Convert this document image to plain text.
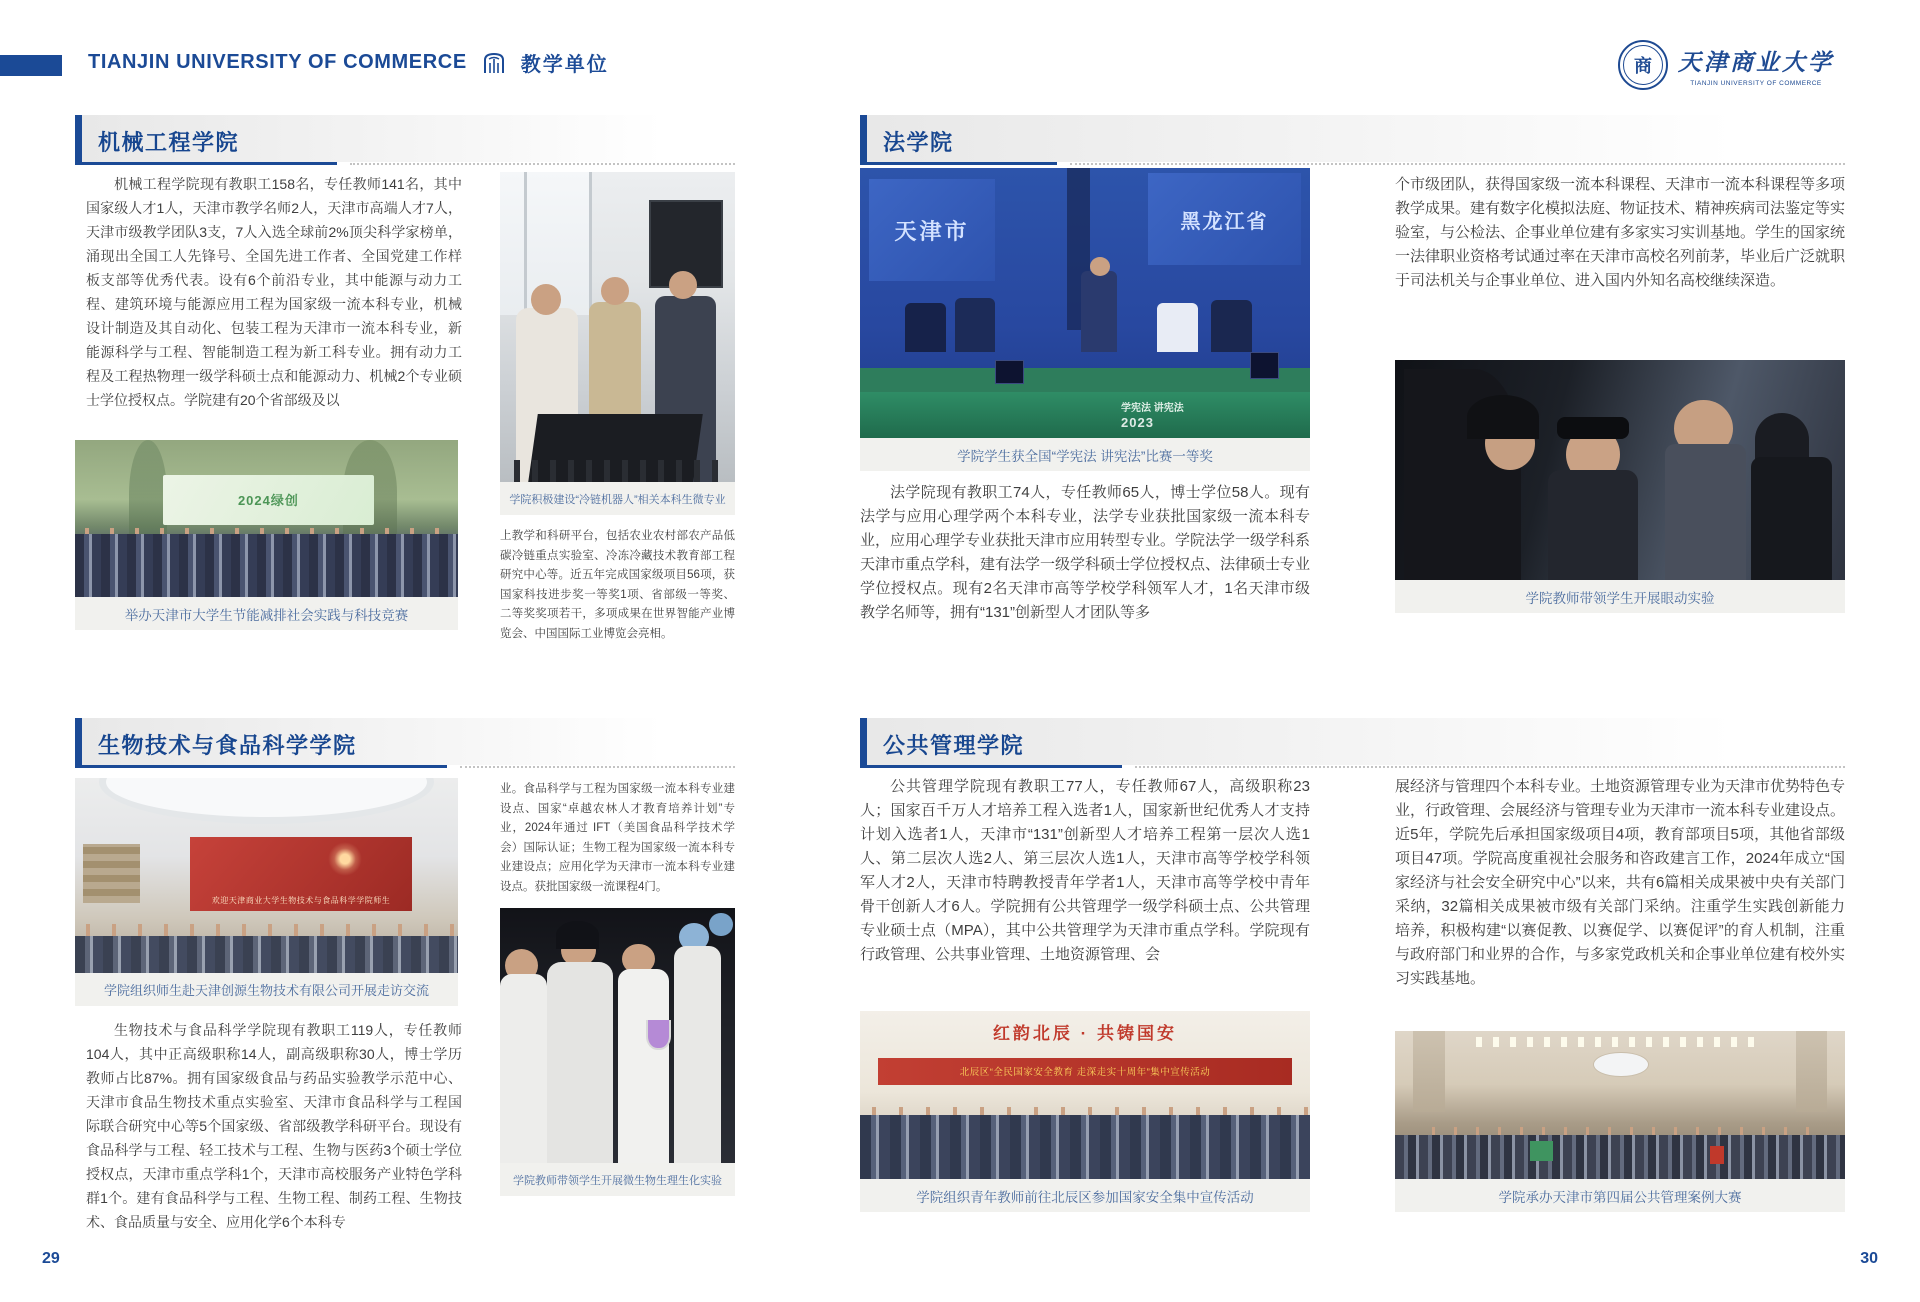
TIANJIN UNIVERSITY OF COMMERCE	教学单位	商 天津商业大学
TIANJIN UNIVERSITY OF COMMERCE
机械工程学院

机械工程学院现有教职工158名，专任教师141名，其中国家级人才1人，天津市教学名师2人，天津市高端人才7人，天津市级教学团队3支，7人入选全球前2%顶尖科学家榜单，涌现出全国工人先锋号、全国先进工作者、全国党建工作样板支部等优秀代表。设有6个前沿专业，其中能源与动力工程、建筑环境与能源应用工程为国家级一流本科专业，机械设计制造及其自动化、包装工程为天津市一流本科专业，新能源科学与工程、智能制造工程为新工科专业。拥有动力工程及工程热物理一级学科硕士点和能源动力、机械2个专业硕士学位授权点。学院建有20个省部级及以

2024绿创
举办天津市大学生节能减排社会实践与科技竞赛
学院积极建设“冷链机器人”相关本科生微专业

上教学和科研平台，包括农业农村部农产品低碳冷链重点实验室、冷冻冷藏技术教育部工程研究中心等。近五年完成国家级项目56项，获国家科技进步奖一等奖1项、省部级一等奖、二等奖奖项若干，多项成果在世界智能产业博览会、中国国际工业博览会亮相。

法学院
天津市	黑龙江省
学宪法 讲宪法
2023
学院学生获全国“学宪法 讲宪法”比赛一等奖

个市级团队，获得国家级一流本科课程、天津市一流本科课程等多项教学成果。建有数字化模拟法庭、物证技术、精神疾病司法鉴定等实验室，与公检法、企事业单位建有多家实习实训基地。学生的国家统一法律职业资格考试通过率在天津市高校名列前茅，毕业后广泛就职于司法机关与企事业单位、进入国内外知名高校继续深造。

学院教师带领学生开展眼动实验

法学院现有教职工74人，专任教师65人，博士学位58人。现有法学与应用心理学两个本科专业，法学专业获批国家级一流本科专业，应用心理学专业获批天津市应用转型专业。学院法学一级学科系天津市重点学科，建有法学一级学科硕士学位授权点、法律硕士专业学位授权点。现有2名天津市高等学校学科领军人才，1名天津市级教学名师等，拥有“131”创新型人才团队等多

生物技术与食品科学学院
欢迎天津商业大学生物技术与食品科学学院师生
学院组织师生赴天津创源生物技术有限公司开展走访交流

生物技术与食品科学学院现有教职工119人，专任教师104人，其中正高级职称14人，副高级职称30人，博士学历教师占比87%。拥有国家级食品与药品实验教学示范中心、天津市食品生物技术重点实验室、天津市食品科学与工程国际联合研究中心等5个国家级、省部级教学科研平台。现设有食品科学与工程、轻工技术与工程、生物与医药3个硕士学位授权点，天津市重点学科1个，天津市高校服务产业特色学科群1个。建有食品科学与工程、生物工程、制药工程、生物技术、食品质量与安全、应用化学6个本科专

业。食品科学与工程为国家级一流本科专业建设点、国家“卓越农林人才教育培养计划”专业，2024年通过 IFT（美国食品科学技术学会）国际认证；生物工程为国家级一流本科专业建设点；应用化学为天津市一流本科专业建设点。获批国家级一流课程4门。

学院教师带领学生开展微生物生理生化实验
公共管理学院

公共管理学院现有教职工77人，专任教师67人，高级职称23人；国家百千万人才培养工程入选者1人，国家新世纪优秀人才支持计划入选者1人，天津市“131”创新型人才培养工程第一层次人选1人、第二层次人选2人、第三层次人选1人，天津市高等学校学科领军人才2人，天津市特聘教授青年学者1人，天津市高等学校中青年骨干创新人才6人。学院拥有公共管理学一级学科硕士点、公共管理专业硕士点（MPA），其中公共管理学为天津市重点学科。学院现有行政管理、公共事业管理、土地资源管理、会

红韵北辰 · 共铸国安
北辰区“全民国家安全教育 走深走实十周年”集中宣传活动
学院组织青年教师前往北辰区参加国家安全集中宣传活动

展经济与管理四个本科专业。土地资源管理专业为天津市优势特色专业，行政管理、会展经济与管理专业为天津市一流本科专业建设点。近5年，学院先后承担国家级项目4项，教育部项目5项，其他省部级项目47项。学院高度重视社会服务和咨政建言工作，2024年成立“国家经济与社会安全研究中心”以来，共有6篇相关成果被中央有关部门采纳，32篇相关成果被市级有关部门采纳。注重学生实践创新能力培养，积极构建“以赛促教、以赛促学、以赛促评”的育人机制，注重与政府部门和业界的合作，与多家党政机关和企事业单位建有校外实习实践基地。

学院承办天津市第四届公共管理案例大赛
29	30
